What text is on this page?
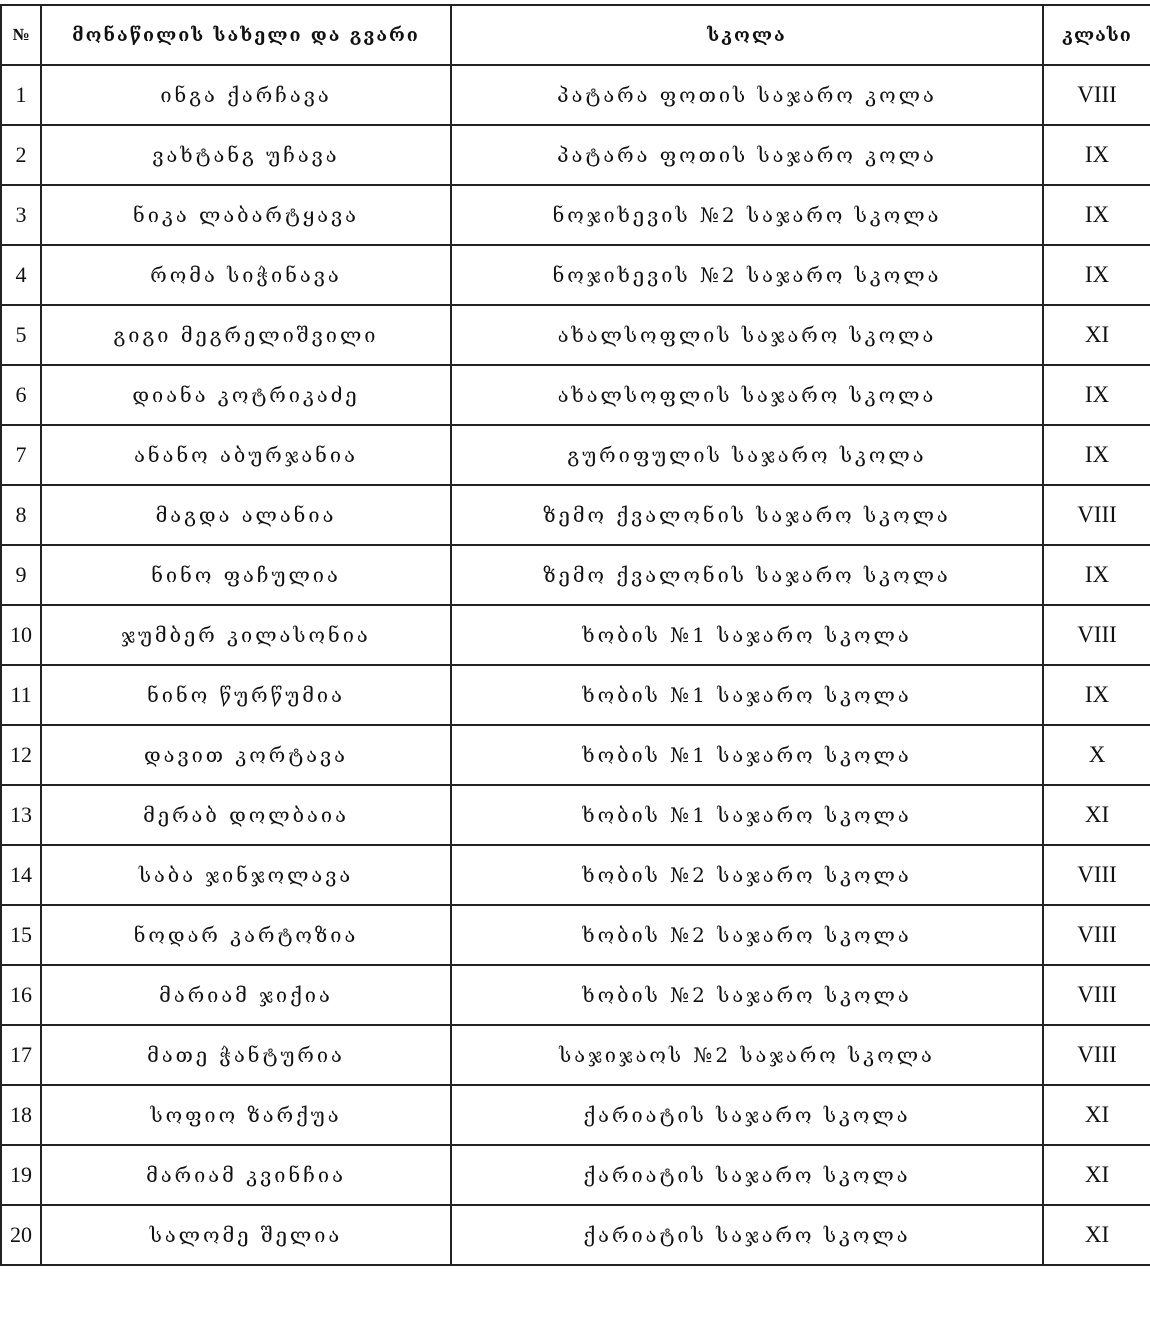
№	მონაწილის სახელი და გვარი	სკოლა	კლასი
1	ინგა ქარჩავა	პატარა ფოთის საჯარო კოლა	VIII
2	ვახტანგ უჩავა	პატარა ფოთის საჯარო კოლა	IX
3	ნიკა ლაბარტყავა	ნოჯიხევის №2 საჯარო სკოლა	IX
4	რომა სიჭინავა	ნოჯიხევის №2 საჯარო სკოლა	IX
5	გიგი მეგრელიშვილი	ახალსოფლის საჯარო სკოლა	XI
6	დიანა კოტრიკაძე	ახალსოფლის საჯარო სკოლა	IX
7	ანანო აბურჯანია	გურიფულის საჯარო სკოლა	IX
8	მაგდა ალანია	ზემო ქვალონის საჯარო სკოლა	VIII
9	ნინო ფაჩულია	ზემო ქვალონის საჯარო სკოლა	IX
10	ჯუმბერ კილასონია	ხობის №1 საჯარო სკოლა	VIII
11	ნინო წურწუმია	ხობის №1 საჯარო სკოლა	IX
12	დავით კორტავა	ხობის №1 საჯარო სკოლა	X
13	მერაბ დოლბაია	ხობის №1 საჯარო სკოლა	XI
14	საბა ჯინჯოლავა	ხობის №2 საჯარო სკოლა	VIII
15	ნოდარ კარტოზია	ხობის №2 საჯარო სკოლა	VIII
16	მარიამ ჯიქია	ხობის №2 საჯარო სკოლა	VIII
17	მათე ჭანტურია	საჯიჯაოს №2 საჯარო სკოლა	VIII
18	სოფიო ზარქუა	ქარიატის საჯარო სკოლა	XI
19	მარიამ კვინჩია	ქარიატის საჯარო სკოლა	XI
20	სალომე შელია	ქარიატის საჯარო სკოლა	XI
